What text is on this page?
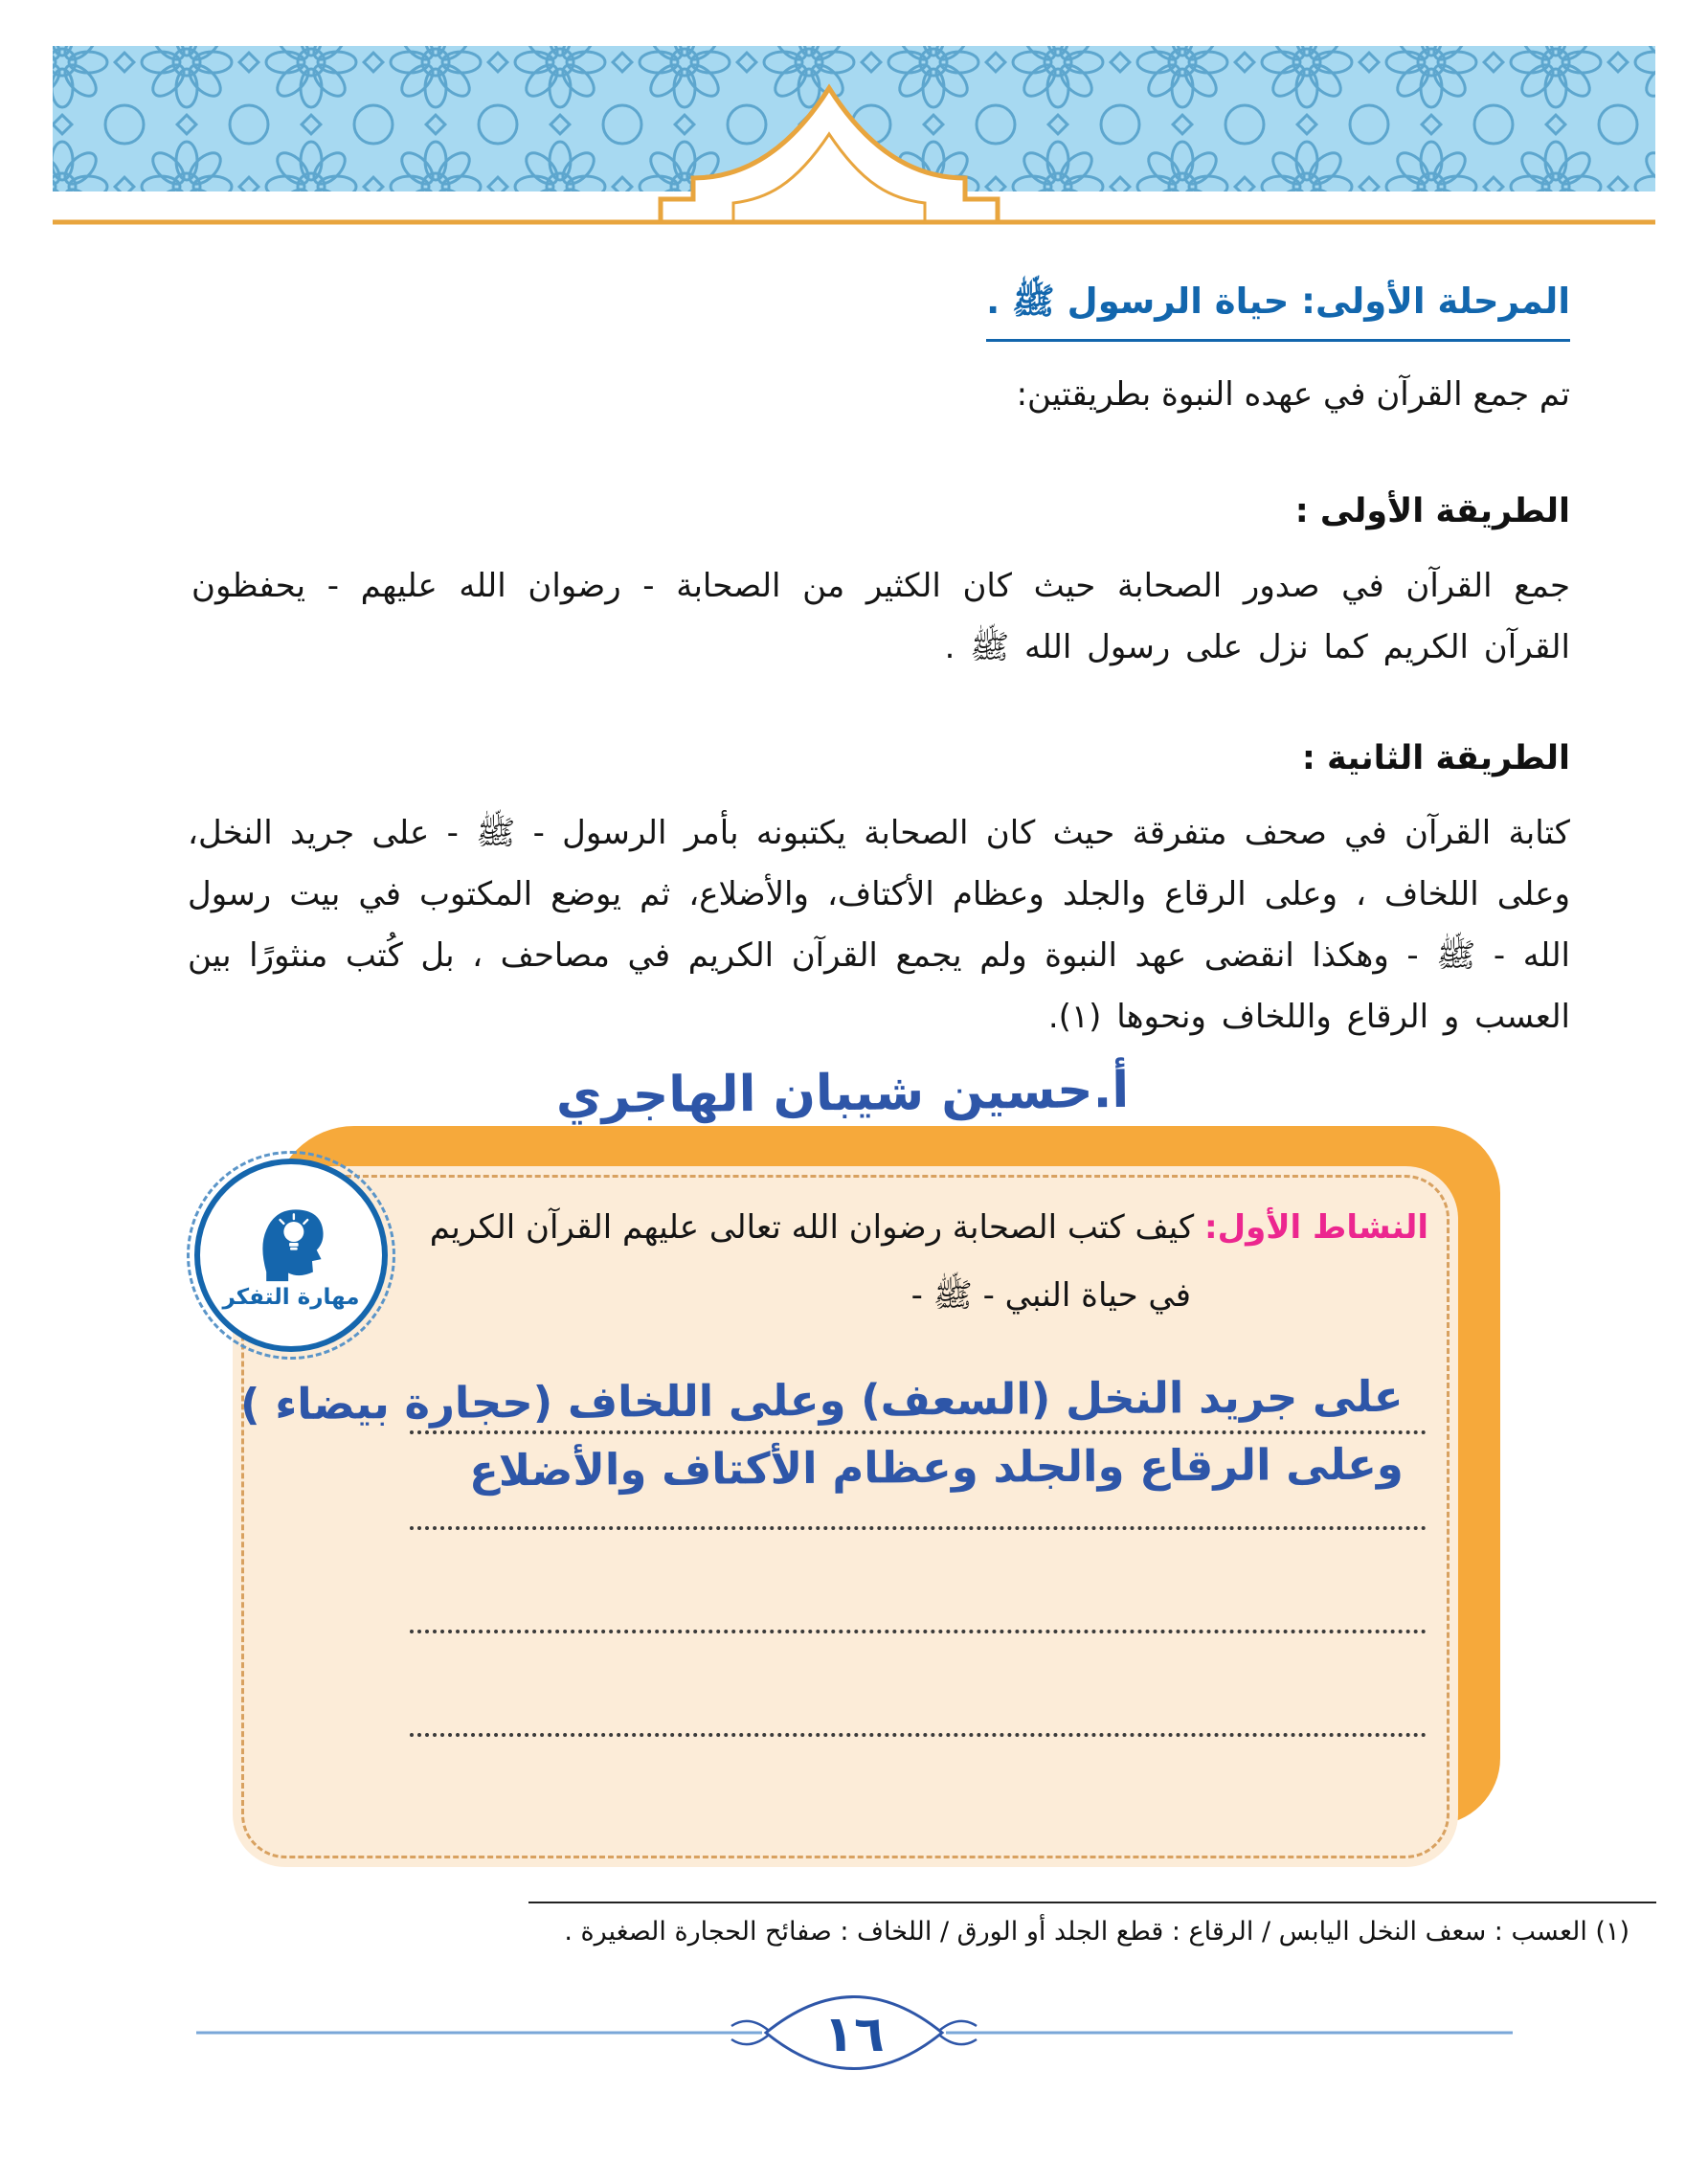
المرحلة الأولى: حياة الرسول ﷺ .
تم جمع القرآن في عهده النبوة بطريقتين:
الطريقة الأولى :
جمع القرآن في صدور الصحابة حيث كان الكثير من الصحابة - رضوان الله عليهم - يحفظون القرآن الكريم كما نزل على رسول الله ﷺ .
الطريقة الثانية :
كتابة القرآن في صحف متفرقة حيث كان الصحابة يكتبونه بأمر الرسول - ﷺ - على جريد النخل، وعلى اللخاف ، وعلى الرقاع والجلد وعظام الأكتاف، والأضلاع، ثم يوضع المكتوب في بيت رسول الله - ﷺ - وهكذا انقضى عهد النبوة ولم يجمع القرآن الكريم في مصاحف ، بل كُتب منثورًا بين العسب و الرقاع واللخاف ونحوها (١).
أ.حسين شيبان الهاجري
مهارة التفكر
النشاط الأول: كيف كتب الصحابة رضوان الله تعالى عليهم القرآن الكريم
في حياة النبي - ﷺ -
على جريد النخل (السعف) وعلى اللخاف (حجارة بيضاء )
وعلى الرقاع والجلد وعظام الأكتاف والأضلاع
(١) العسب : سعف النخل اليابس / الرقاع : قطع الجلد أو الورق / اللخاف : صفائح الحجارة الصغيرة .
١٦
